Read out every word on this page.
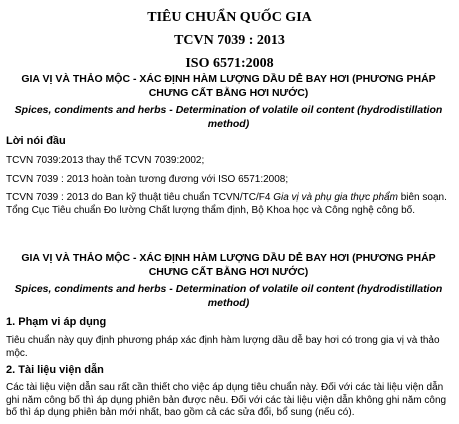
TIÊU CHUẨN QUỐC GIA
TCVN 7039 : 2013
ISO 6571:2008
GIA VỊ VÀ THẢO MỘC - XÁC ĐỊNH HÀM LƯỢNG DẦU DỄ BAY HƠI (PHƯƠNG PHÁP CHƯNG CẤT BẰNG HƠI NƯỚC)
Spices, condiments and herbs - Determination of volatile oil content (hydrodistillation method)
Lời nói đầu
TCVN 7039:2013 thay thế TCVN 7039:2002;
TCVN 7039 : 2013 hoàn toàn tương đương với ISO 6571:2008;
TCVN 7039 : 2013 do Ban kỹ thuật tiêu chuẩn TCVN/TC/F4 Gia vị và phụ gia thực phẩm biên soạn. Tổng Cục Tiêu chuẩn Đo lường Chất lượng thẩm định, Bộ Khoa học và Công nghệ công bố.
GIA VỊ VÀ THẢO MỘC - XÁC ĐỊNH HÀM LƯỢNG DẦU DỄ BAY HƠI (PHƯƠNG PHÁP CHƯNG CẤT BẰNG HƠI NƯỚC)
Spices, condiments and herbs - Determination of volatile oil content (hydrodistillation method)
1. Phạm vi áp dụng
Tiêu chuẩn này quy định phương pháp xác định hàm lượng dầu dễ bay hơi có trong gia vị và thảo mộc.
2. Tài liệu viện dẫn
Các tài liệu viện dẫn sau rất cần thiết cho việc áp dụng tiêu chuẩn này. Đối với các tài liệu viện dẫn ghi năm công bố thì áp dụng phiên bản được nêu. Đối với các tài liệu viện dẫn không ghi năm công bố thì áp dụng phiên bản mới nhất, bao gồm cả các sửa đổi, bổ sung (nếu có).
